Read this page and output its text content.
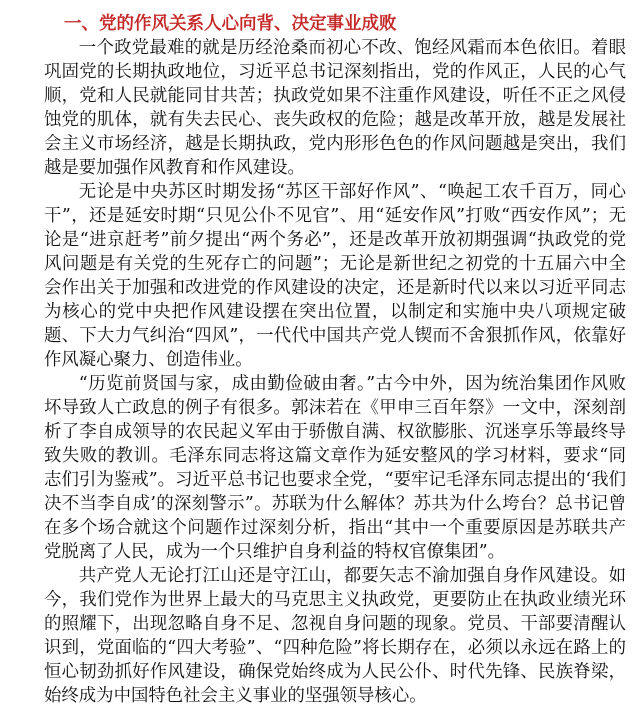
一、党的作风关系人心向背、决定事业成败

一个政党最难的就是历经沧桑而初心不改、饱经风霜而本色依旧。着眼巩固党的长期执政地位，习近平总书记深刻指出，党的作风正，人民的心气顺，党和人民就能同甘共苦；执政党如果不注重作风建设，听任不正之风侵蚀党的肌体，就有失去民心、丧失政权的危险；越是改革开放，越是发展社会主义市场经济，越是长期执政，党内形形色色的作风问题越是突出，我们越是要加强作风教育和作风建设。

无论是中央苏区时期发扬“苏区干部好作风”、“唤起工农千百万，同心干”，还是延安时期“只见公仆不见官”、用“延安作风”打败“西安作风”；无论是“进京赶考”前夕提出“两个务必”，还是改革开放初期强调“执政党的党风问题是有关党的生死存亡的问题”；无论是新世纪之初党的十五届六中全会作出关于加强和改进党的作风建设的决定，还是新时代以来以习近平同志为核心的党中央把作风建设摆在突出位置，以制定和实施中央八项规定破题、下大力气纠治“四风”，一代代中国共产党人锲而不舍狠抓作风，依靠好作风凝心聚力、创造伟业。

“历览前贤国与家，成由勤俭破由奢。”古今中外，因为统治集团作风败坏导致人亡政息的例子有很多。郭沫若在《甲申三百年祭》一文中，深刻剖析了李自成领导的农民起义军由于骄傲自满、权欲膨胀、沉迷享乐等最终导致失败的教训。毛泽东同志将这篇文章作为延安整风的学习材料，要求“同志们引为鉴戒”。习近平总书记也要求全党，“要牢记毛泽东同志提出的‘我们决不当李自成’的深刻警示”。苏联为什么解体？苏共为什么垮台？总书记曾在多个场合就这个问题作过深刻分析，指出“其中一个重要原因是苏联共产党脱离了人民，成为一个只维护自身利益的特权官僚集团”。

共产党人无论打江山还是守江山，都要矢志不渝加强自身作风建设。如今，我们党作为世界上最大的马克思主义执政党，更要防止在执政业绩光环的照耀下，出现忽略自身不足、忽视自身问题的现象。党员、干部要清醒认识到，党面临的“四大考验”、“四种危险”将长期存在，必须以永远在路上的恒心韧劲抓好作风建设，确保党始终成为人民公仆、时代先锋、民族脊梁，始终成为中国特色社会主义事业的坚强领导核心。
